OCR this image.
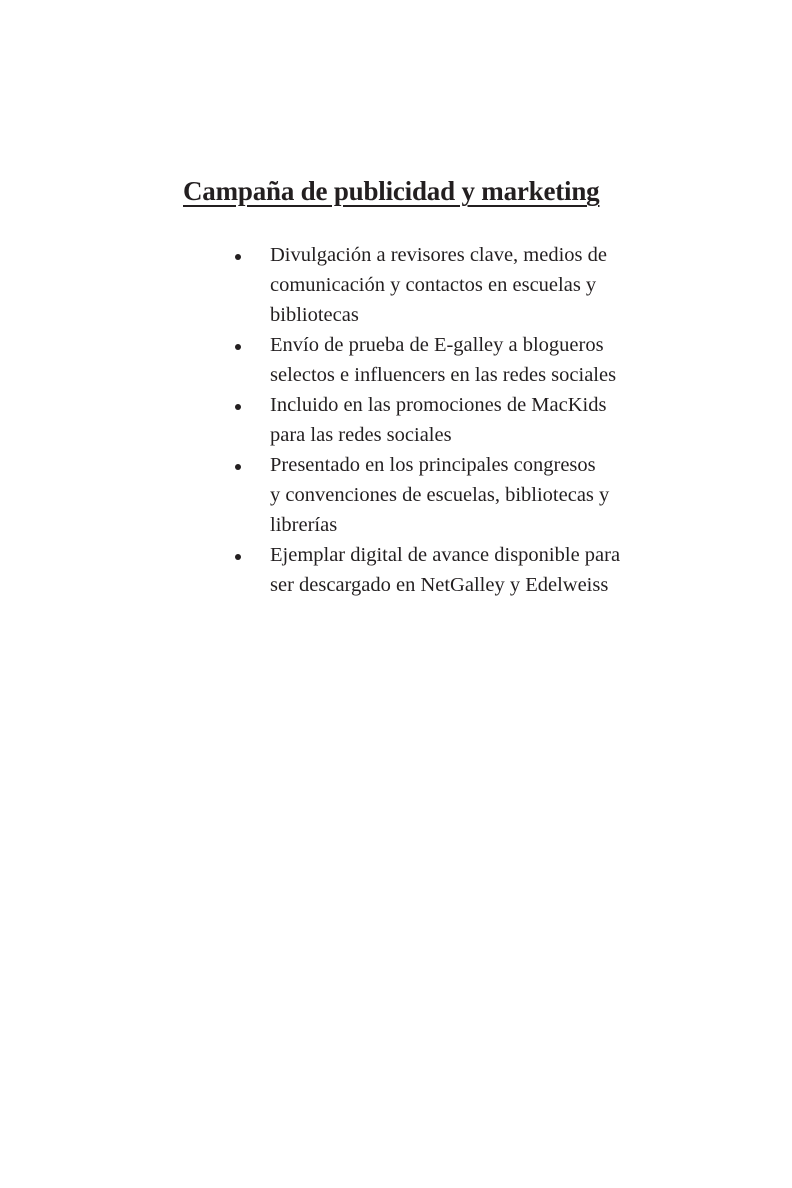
Campaña de publicidad y marketing
Divulgación a revisores clave, medios de
comunicación y contactos en escuelas y
bibliotecas
Envío de prueba de E-galley a blogueros
selectos e influencers en las redes sociales
Incluido en las promociones de MacKids
para las redes sociales
Presentado en los principales congresos
y convenciones de escuelas, bibliotecas y
librerías
Ejemplar digital de avance disponible para
ser descargado en NetGalley y Edelweiss
